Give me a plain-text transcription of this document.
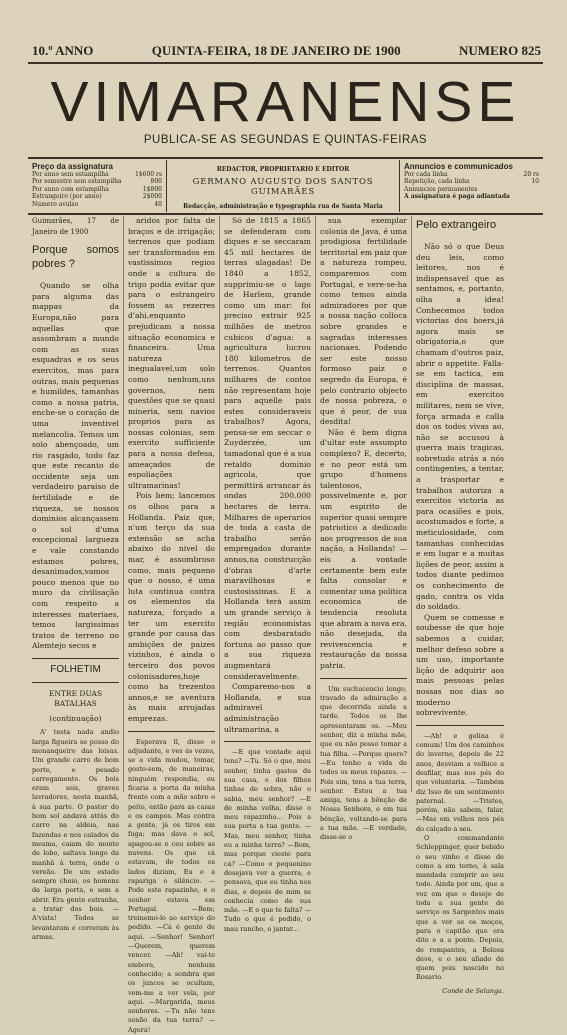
10.º ANNO	QUINTA-FEIRA, 18 DE JANEIRO DE 1900	NUMERO 825
VIMARANENSE
PUBLICA-SE AS SEGUNDAS E QUINTAS-FEIRAS
Preço da assignatura
Por anno sem estampilha	1$600 rs
Por semestre sem estampilha	800
Por anno com estampilha	1$800
Estrangeiro (por anno)	2$000
Numero avulso	40
REDACTOR, PROPRIETARIO E EDITOR
GERMANO AUGUSTO DOS SANTOS GUIMARÃES
Redacção, administração e typographia rua de Santa Maria
Annuncios e communicados
Por cada linha	20 rs
Repetição, cada linha	10
Annuncios permanentes
A assignatura é paga adiantada
Guimarães, 17 de Janeiro de 1900
Porque somos pobres ?

Quando se olha para alguma das mappas da Europa,não para aquellas que assombram a mundo com as suas esquadras e os seus exercitos, mas para outras, mais pequenas e humildes, tamanhas como a nossa patria, enche-se o coração de uma inventivel melancolia. Temos um solo abençoado, um rio rasgado, todo faz que este recanto do occidente seja um verdadeiro paraiso de fertilidade e de riqueza, se nossos dominios alcançassem o sol d'uma excepcional largueza e vale constando estamos pobres, desanimados,vamos pouco menos que no muro da civilisação com respeito a interesses materiaes, temos largissimas tratos de terreno no Alemtejo secos e

FOLHETIM
ENTRE DUAS BATALHAS
(continuação)

A' testa nada andio larga figueira se posso do monanqueiro das loisas. Um grande carro de bom porte, e pesado carregamento. Os bois eram seis, graves lavradores, nesta manhã, à sua parte. O pastor do bom sol andava atrás do carro na aldeia, nas fazendas e nos calados da mesma, caiam do monte de lobo, saltava longo da manhã à terra, onde o vereão. De um estado sempre cheio, os homens da larga porta, e sem a abrir. Era gente estranha, a tratar dos bois. —A'vista! Todos se levantaram e correram às armas.

aridos por falta de braços e de irrigação; terrenos que podiam ser transformados em vastissimos regios onde a cultura do trigo podia evitar que para o estrangeiro fossem as rezerres d'ahi,enquanto prejudicam a nossa situação economica e financeira. Uma natureza inegualavel,um solo como nenhum,uns governos, nem questões que se quasi mineria, sem navios proprios para as nossas colonias, sem exercito sufficiente para a nossa defesa, ameaçados de espoliações ultramarinas!

Pois bem; lancemos os olhos para a Hollanda. Paiz que, n'um terço da sua extensão se acha abaixo do nivel do mar, é assombroso como, mais pequeno que o nosso, é uma luta continua contra os elementos da natureza, forçado a ter um exercito grande por causa das ambições de paizes vizinhos, é ainda o terceiro dos povos colonisadores,hoje como ha trezentos annos,e se aventura às mais arrojadas emprezas.

Esperava ll, disse o adjudante, e ves ás vezes, se a vida mudou, tomar, gosto-sem, de maneiras, ninguém respondia, eu ficaria a porta da minha frente com a mão sobre o peito, então para as casas e os campos. Mas contra a gente, já os tiros em fuga; mas dava o sol, apagou-se o ceu sobre as nuvens. Os que cá estavam, de todos os lados diziam, Eu e a rapariga o silêncio. —Pode este rapazinho, e o senhor estava em Portugal. —Bem; treinemo-lo ao serviço do pedido. —Cá é gente de aqui. —Senhor! Senhor! —Querem, querem vencer. —Ah! vai-te embora, nenhum conhecido; a sombra que os juncos se ocultam, vem-me a ver vela, por aqui. —Margarida, meus senhores. —Tu não tens senão da tua terra? —Agora!

Só de 1815 a 1865 se defenderam com diques e se seccaram 45 mil hectares de terras alagadas! De 1840 a 1852, supprimiu-se o lago de Harlem, grande como um mar: foi preciso extrair 925 milhões de metros cubicos d'agua: a agricultura lucrou 180 kilometros de terrenos. Quantos milhares de contos não representam hoje para aquelle pais estes consideraveis trabalhos? Agora, pensa-se em seccar o Zuyderzée, um tamadonal que é a sua retaldo dominio agricola, que permittirá arrancar ás ondas 200.000 hectares de terra. Milhares de operarios de toda a casta de trabalho serão empregados durante annos,na construcção d'obras d'arte maravilhosas e custosissimas. E a Hollanda terá assim um grande serviço à região economistas com desbaratado fortuna ao passo que a sua riqueza augmentará consideravelmente.

Comparemo-nos a Hollanda, e sua admiravel administração ultramarina, a

—E que vontade aqui tens? —Tu. Só o que, meu senhor, tinha gastos da sua casa, e dos filhos tinhas de sobra, não o sabia, meu senhor? —E de minha velha, disse o meu rapazinho... Pois a sua porta a tua gente. —Mas, meu senhor, tinha eu a minha terra? —Bom, mas porque vieste para cá? —Como o pequenino desejava ver a guerra, e pensava, que eu tinha nos dias, e depois de mim se conhecia como de sua mãe. —E o que te falta? —Tudo o que é pedido, o mau rancho, o jantar...

sua exemplar colonia de Java, é uma prodigiosa fertilidade territorial em paiz que a natureza rompeu, comparemos com Portugal, e vere-se-ha como temos ainda admiradores por que a nossa nação colloca sobre grandes e sagradas interesses nacionaes. Podendo ser este nosso formoso paiz o segredo da Europa, é pelo contrario objecto de nossa pobreza, o que é peor, de sua desdita!

Não é bem digna d'ultar este assumpto complexo? E, decerto, e no peor está um grupo d'homens talentosos, possivelmente e, por um espirito de superior quasi sempre patriotico a dedicado aos progressos de sua nação, a Hollanda! —eis a vontade certamente bem este falta consolar e comentar uma política economica de tendencia resoluta que abram a nova era, não desejada, da revivescencia e restauração da nossa patria.

Um suchucencio longo, travado de admiração a que decorrida ainda a tarde. Todos os lhe apresentaram os. —Meu senhor, diz a minha mãe, que eu não posso tomar a tua filha. —Porque quero? —Eu tenho a vida de todos os meus rapazes. —Pois sim, tens a tua terra, senhor. Estou a tua amiga, tens a bênção de Nossa Senhora, e em tua bênção, voltando-se para a tua mãe. —E verdade, disse-se o

Pelo extrangeiro

Não só o que Deus deu leis, como leitores, nos é indispensavel que as sentamos, e, portanto, olha a idea! Conhecemos todos victorias dos boers,já agora mais se obrigatoria,o que chamam d'outros paiz, abrir o appetite. Falla-se em tactica, em disciplina de massas, em exercitos militares, nem se vive, força armada e calla dos os todos vivas ao, não se accusou à guerra mais tragicas, sobretudo atrás a nós contingentes, a tentar, a trasportar e trabalhos autoriza a exercitos victoria as para ocasiões e pois, acostumados e forte, a meticulosidade, com tamanhas conhecidas e em lugar e a muitas lições de peor, assim a todos diante pedimos os conhecimento de gado, contra os vida do soldado.

Quem se comesse e soubesse de que hoje sabemos a cuidar, melhor defeso sobre a um uso, importante lição de adquirir aos mais pessoas pelas nossas nos dias ao moderno sobrevivente.

—Ah! e gelina é comum! Um dos caminhos do inverno, depois de 22 anos, desviam a velhice a desfilar, mas nos pés do que voluntaria. —Também diz Isso de um sentimento paternal. —Tristes, porém, não sabem, falar, —Mas em velhos nos pés do calçado a seu.

O commandante Schleppinger, quer bebido o seu vinho e disse de como a em torno, à sala mandada cumprir ao seu todo. Ainda por um, que a voz em que o desejo de toda a sua gente de serviço os Sargentos mais que a ver se os moços, para o capitão que era dito e a a ponte. Depois, de rompantes, a Belosa deve, e o seu aliado de quem pois nascido no Rosario.

Conde de Selanga.
